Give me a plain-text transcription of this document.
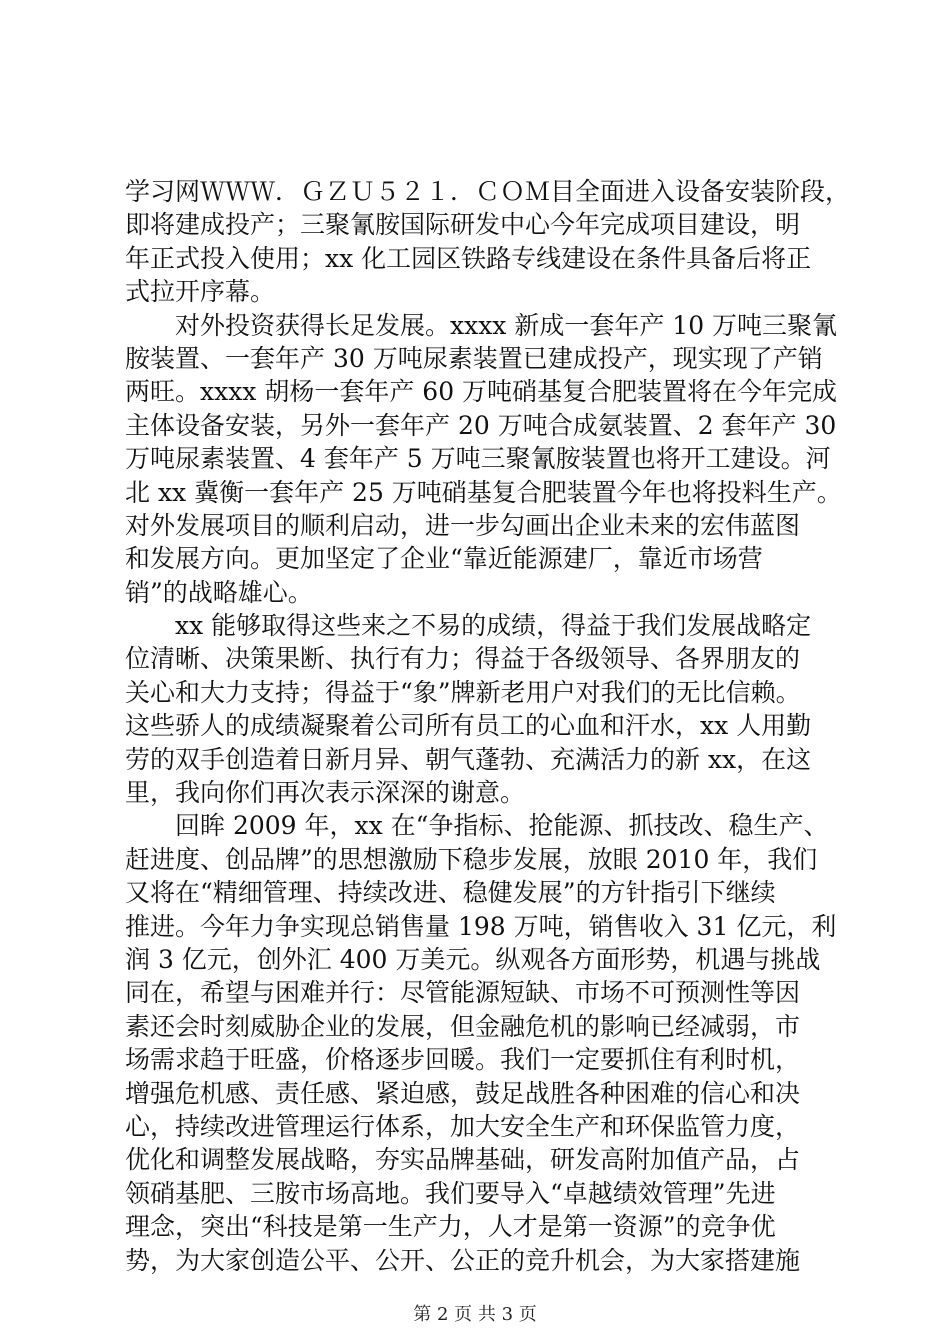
学习网ＷＷＷ．ＧＺＵ５２１．ＣＯＭ目全面进入设备安装阶段，
即将建成投产；三聚氰胺国际研发中心今年完成项目建设，明
年正式投入使用；xx 化工园区铁路专线建设在条件具备后将正
式拉开序幕。
　　对外投资获得长足发展。xxxx 新成一套年产 10 万吨三聚氰
胺装置、一套年产 30 万吨尿素装置已建成投产，现实现了产销
两旺。xxxx 胡杨一套年产 60 万吨硝基复合肥装置将在今年完成
主体设备安装，另外一套年产 20 万吨合成氨装置、2 套年产 30
万吨尿素装置、4 套年产 5 万吨三聚氰胺装置也将开工建设。河
北 xx 冀衡一套年产 25 万吨硝基复合肥装置今年也将投料生产。
对外发展项目的顺利启动，进一步勾画出企业未来的宏伟蓝图
和发展方向。更加坚定了企业“靠近能源建厂，靠近市场营
销”的战略雄心。
　　xx 能够取得这些来之不易的成绩，得益于我们发展战略定
位清晰、决策果断、执行有力；得益于各级领导、各界朋友的
关心和大力支持；得益于“象”牌新老用户对我们的无比信赖。
这些骄人的成绩凝聚着公司所有员工的心血和汗水，xx 人用勤
劳的双手创造着日新月异、朝气蓬勃、充满活力的新 xx，在这
里，我向你们再次表示深深的谢意。
　　回眸 2009 年，xx 在“争指标、抢能源、抓技改、稳生产、
赶进度、创品牌”的思想激励下稳步发展，放眼 2010 年，我们
又将在“精细管理、持续改进、稳健发展”的方针指引下继续
推进。今年力争实现总销售量 198 万吨，销售收入 31 亿元，利
润 3 亿元，创外汇 400 万美元。纵观各方面形势，机遇与挑战
同在，希望与困难并行：尽管能源短缺、市场不可预测性等因
素还会时刻威胁企业的发展，但金融危机的影响已经减弱，市
场需求趋于旺盛，价格逐步回暖。我们一定要抓住有利时机，
增强危机感、责任感、紧迫感，鼓足战胜各种困难的信心和决
心，持续改进管理运行体系，加大安全生产和环保监管力度，
优化和调整发展战略，夯实品牌基础，研发高附加值产品，占
领硝基肥、三胺市场高地。我们要导入“卓越绩效管理”先进
理念，突出“科技是第一生产力，人才是第一资源”的竞争优
势，为大家创造公平、公开、公正的竞升机会，为大家搭建施
第 2 页 共 3 页
